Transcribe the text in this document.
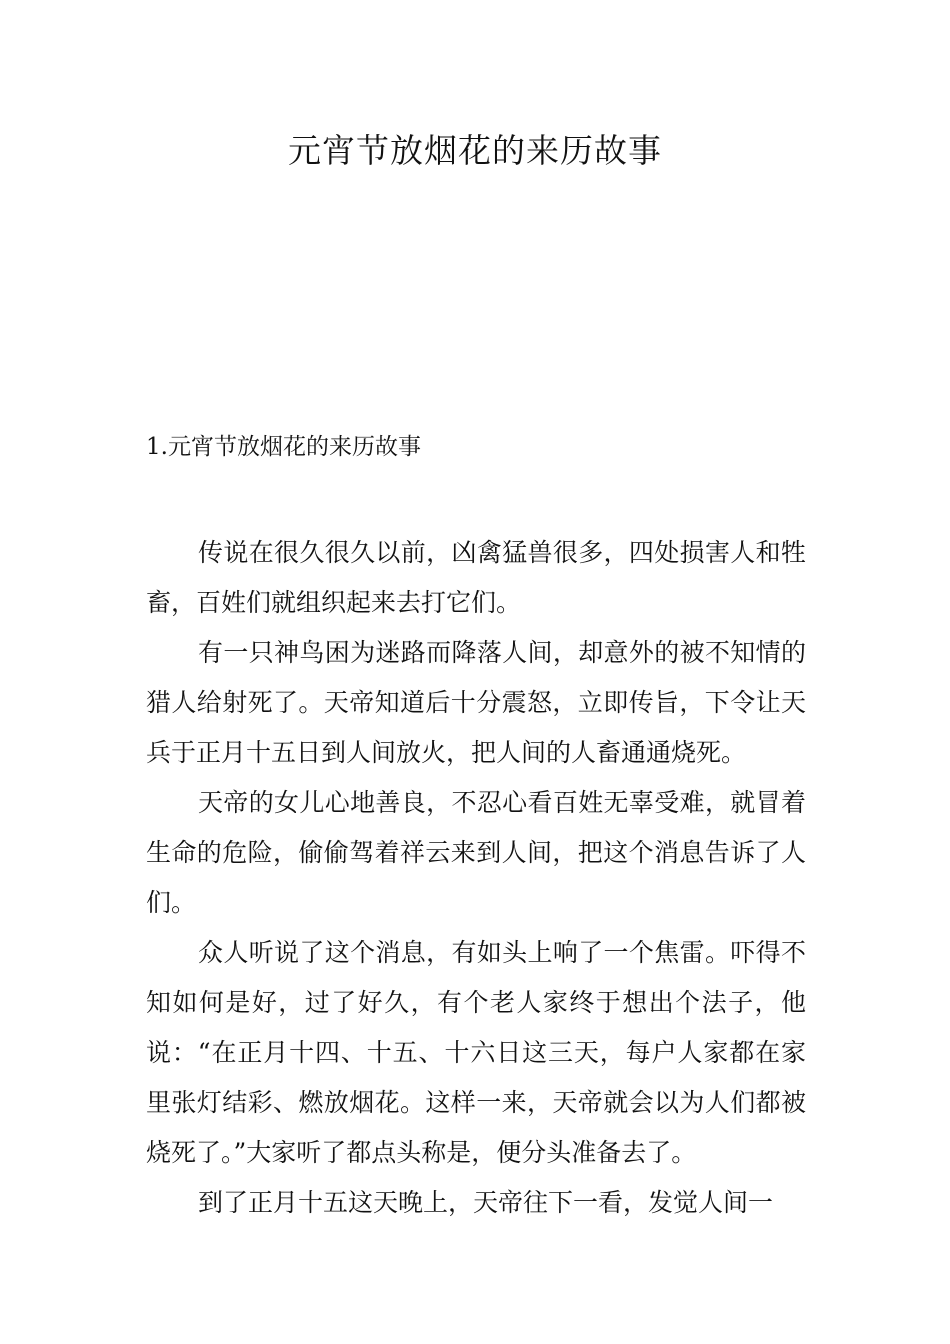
元宵节放烟花的来历故事
1.元宵节放烟花的来历故事

传说在很久很久以前，凶禽猛兽很多，四处损害人和牲畜，百姓们就组织起来去打它们。

有一只神鸟困为迷路而降落人间，却意外的被不知情的猎人给射死了。天帝知道后十分震怒，立即传旨，下令让天兵于正月十五日到人间放火，把人间的人畜通通烧死。

天帝的女儿心地善良，不忍心看百姓无辜受难，就冒着生命的危险，偷偷驾着祥云来到人间，把这个消息告诉了人们。

众人听说了这个消息，有如头上响了一个焦雷。吓得不知如何是好，过了好久，有个老人家终于想出个法子，他说：“在正月十四、十五、十六日这三天，每户人家都在家里张灯结彩、燃放烟花。这样一来，天帝就会以为人们都被烧死了。”大家听了都点头称是，便分头准备去了。

到了正月十五这天晚上，天帝往下一看，发觉人间一
